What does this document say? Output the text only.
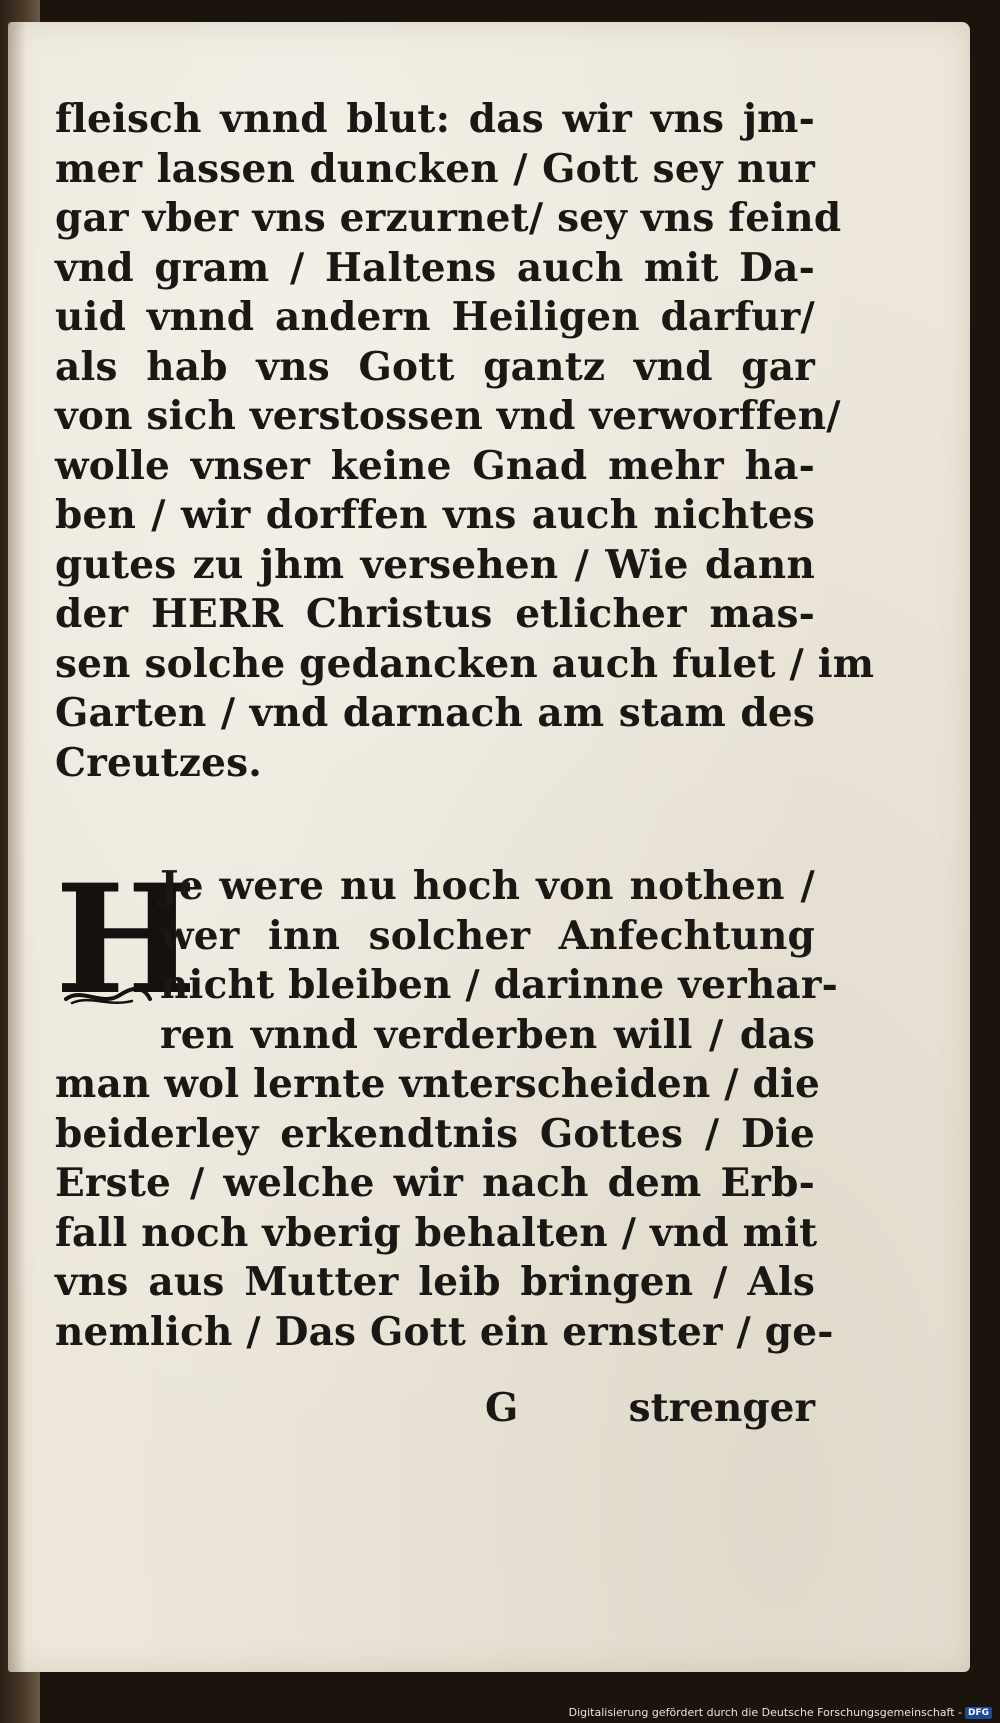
fleisch vnnd blut: das wir vns jm-
mer lassen duncken / Gott sey nur
gar vber vns erzurnet/ sey vns feind
vnd gram / Haltens auch mit Da-
uid vnnd andern Heiligen darfur/
als hab vns Gott gantz vnd gar
von sich verstossen vnd verworffen/
wolle vnser keine Gnad mehr ha-
ben / wir dorffen vns auch nichtes
gutes zu jhm versehen / Wie dann
der HERR Christus etlicher mas-
sen solche gedancken auch fulet / im
Garten / vnd darnach am stam des
Creutzes.
H
Je were nu hoch von nothen /
wer inn solcher Anfechtung
nicht bleiben / darinne verhar-
ren vnnd verderben will / das
man wol lernte vnterscheiden / die
beiderley erkendtnis Gottes / Die
Erste / welche wir nach dem Erb-
fall noch vberig behalten / vnd mit
vns aus Mutter leib bringen / Als
nemlich / Das Gott ein ernster / ge-
G	strenger
Digitalisierung gefördert durch die Deutsche Forschungsgemeinschaft - DFG
